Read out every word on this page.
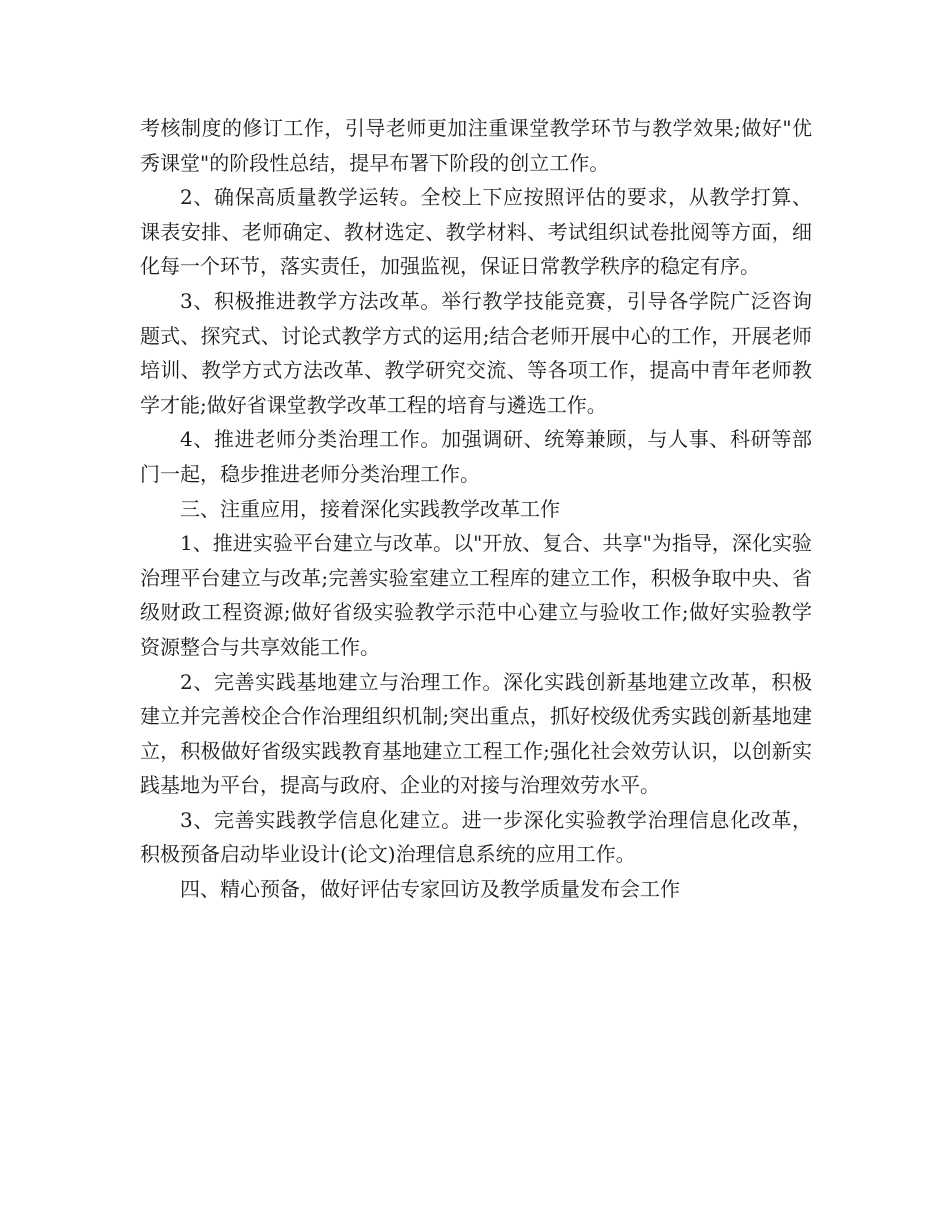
考核制度的修订工作，引导老师更加注重课堂教学环节与教学效果;做好"优秀课堂"的阶段性总结，提早布署下阶段的创立工作。

2、确保高质量教学运转。全校上下应按照评估的要求，从教学打算、课表安排、老师确定、教材选定、教学材料、考试组织试卷批阅等方面，细化每一个环节，落实责任，加强监视，保证日常教学秩序的稳定有序。

3、积极推进教学方法改革。举行教学技能竞赛，引导各学院广泛咨询题式、探究式、讨论式教学方式的运用;结合老师开展中心的工作，开展老师培训、教学方式方法改革、教学研究交流、等各项工作，提高中青年老师教学才能;做好省课堂教学改革工程的培育与遴选工作。

4、推进老师分类治理工作。加强调研、统筹兼顾，与人事、科研等部门一起，稳步推进老师分类治理工作。

三、注重应用，接着深化实践教学改革工作

1、推进实验平台建立与改革。以"开放、复合、共享"为指导，深化实验治理平台建立与改革;完善实验室建立工程库的建立工作，积极争取中央、省级财政工程资源;做好省级实验教学示范中心建立与验收工作;做好实验教学资源整合与共享效能工作。

2、完善实践基地建立与治理工作。深化实践创新基地建立改革，积极建立并完善校企合作治理组织机制;突出重点，抓好校级优秀实践创新基地建立，积极做好省级实践教育基地建立工程工作;强化社会效劳认识，以创新实践基地为平台，提高与政府、企业的对接与治理效劳水平。

3、完善实践教学信息化建立。进一步深化实验教学治理信息化改革，积极预备启动毕业设计(论文)治理信息系统的应用工作。

四、精心预备，做好评估专家回访及教学质量发布会工作
